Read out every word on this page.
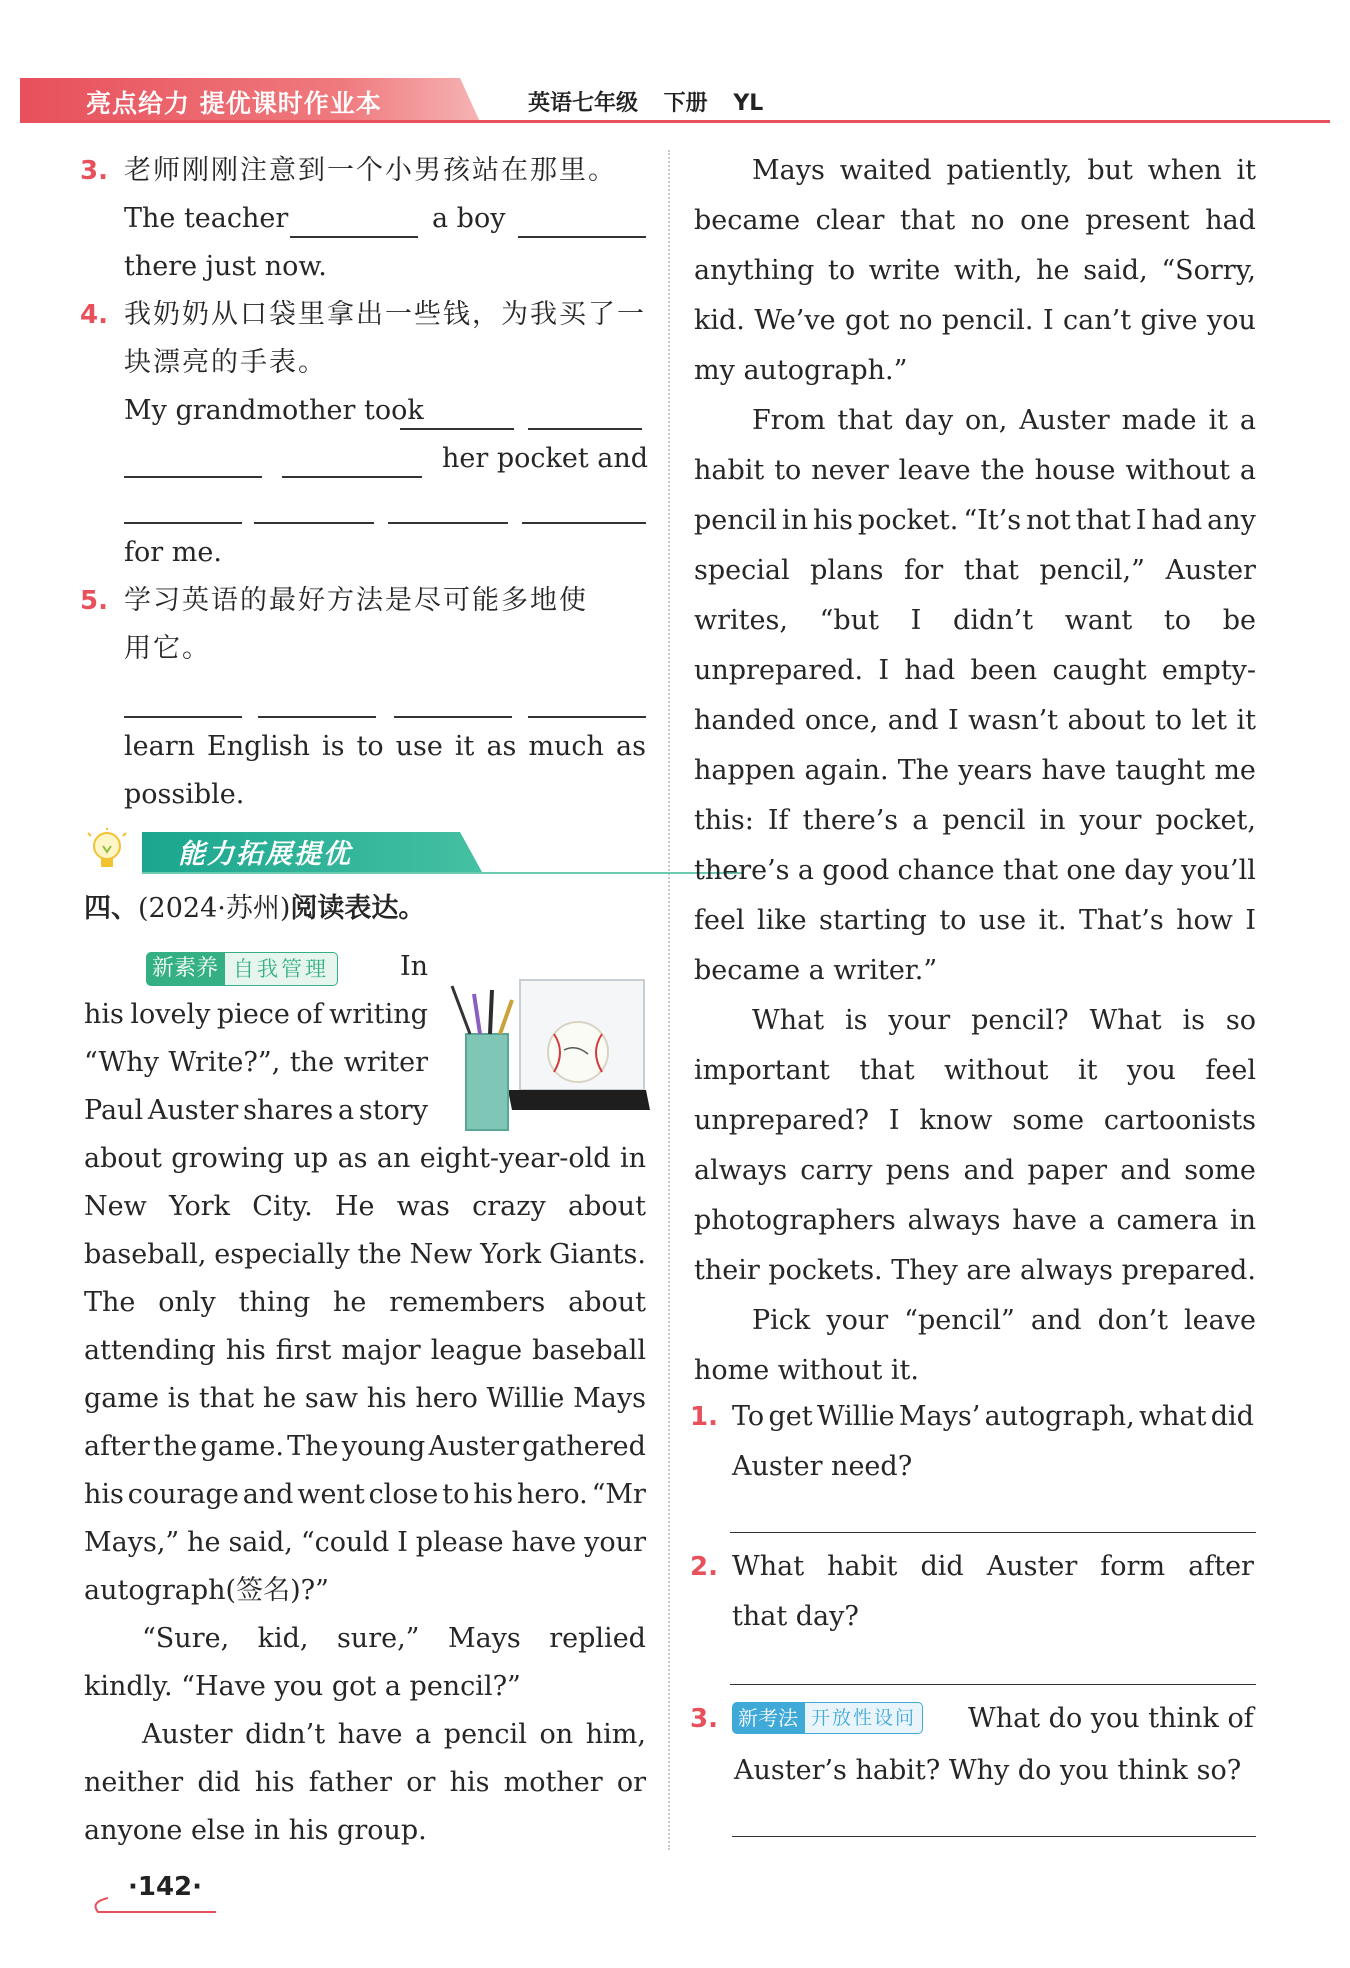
亮点给力 提优课时作业本	英语七年级 下册 YL
3. 老师刚刚注意到一个小男孩站在那里。
The teacher	a boy
there just now.
4. 我奶奶从口袋里拿出一些钱，为我买了一
块漂亮的手表。
My grandmother took
her pocket and
for me.
5. 学习英语的最好方法是尽可能多地使
用它。
learn English is to use it as much as
possible.
能力拓展提优
四、(2024·苏州)阅读表达。
新素养 自我管理	In
his lovely piece of writing
“Why Write?”, the writer
Paul Auster shares a story
about growing up as an eight-year-old in
New York City. He was crazy about
baseball, especially the New York Giants.
The only thing he remembers about
attending his first major league baseball
game is that he saw his hero Willie Mays
after the game. The young Auster gathered
his courage and went close to his hero. “Mr
Mays,” he said, “could I please have your
autograph(签名)?”
“Sure, kid, sure,” Mays replied
kindly. “Have you got a pencil?”
Auster didn’t have a pencil on him,
neither did his father or his mother or
anyone else in his group.
Mays waited patiently, but when it
became clear that no one present had
anything to write with, he said, “Sorry,
kid. We’ve got no pencil. I can’t give you
my autograph.”
From that day on, Auster made it a
habit to never leave the house without a
pencil in his pocket. “It’s not that I had any
special plans for that pencil,” Auster
writes, “but I didn’t want to be
unprepared. I had been caught empty-
handed once, and I wasn’t about to let it
happen again. The years have taught me
this: If there’s a pencil in your pocket,
there’s a good chance that one day you’ll
feel like starting to use it. That’s how I
became a writer.”
What is your pencil? What is so
important that without it you feel
unprepared? I know some cartoonists
always carry pens and paper and some
photographers always have a camera in
their pockets. They are always prepared.
Pick your “pencil” and don’t leave
home without it.
1. To get Willie Mays’ autograph, what did
Auster need?
2. What habit did Auster form after
that day?
3.	新考法 开放性设问 What do you think of
Auster’s habit? Why do you think so?
·142·
